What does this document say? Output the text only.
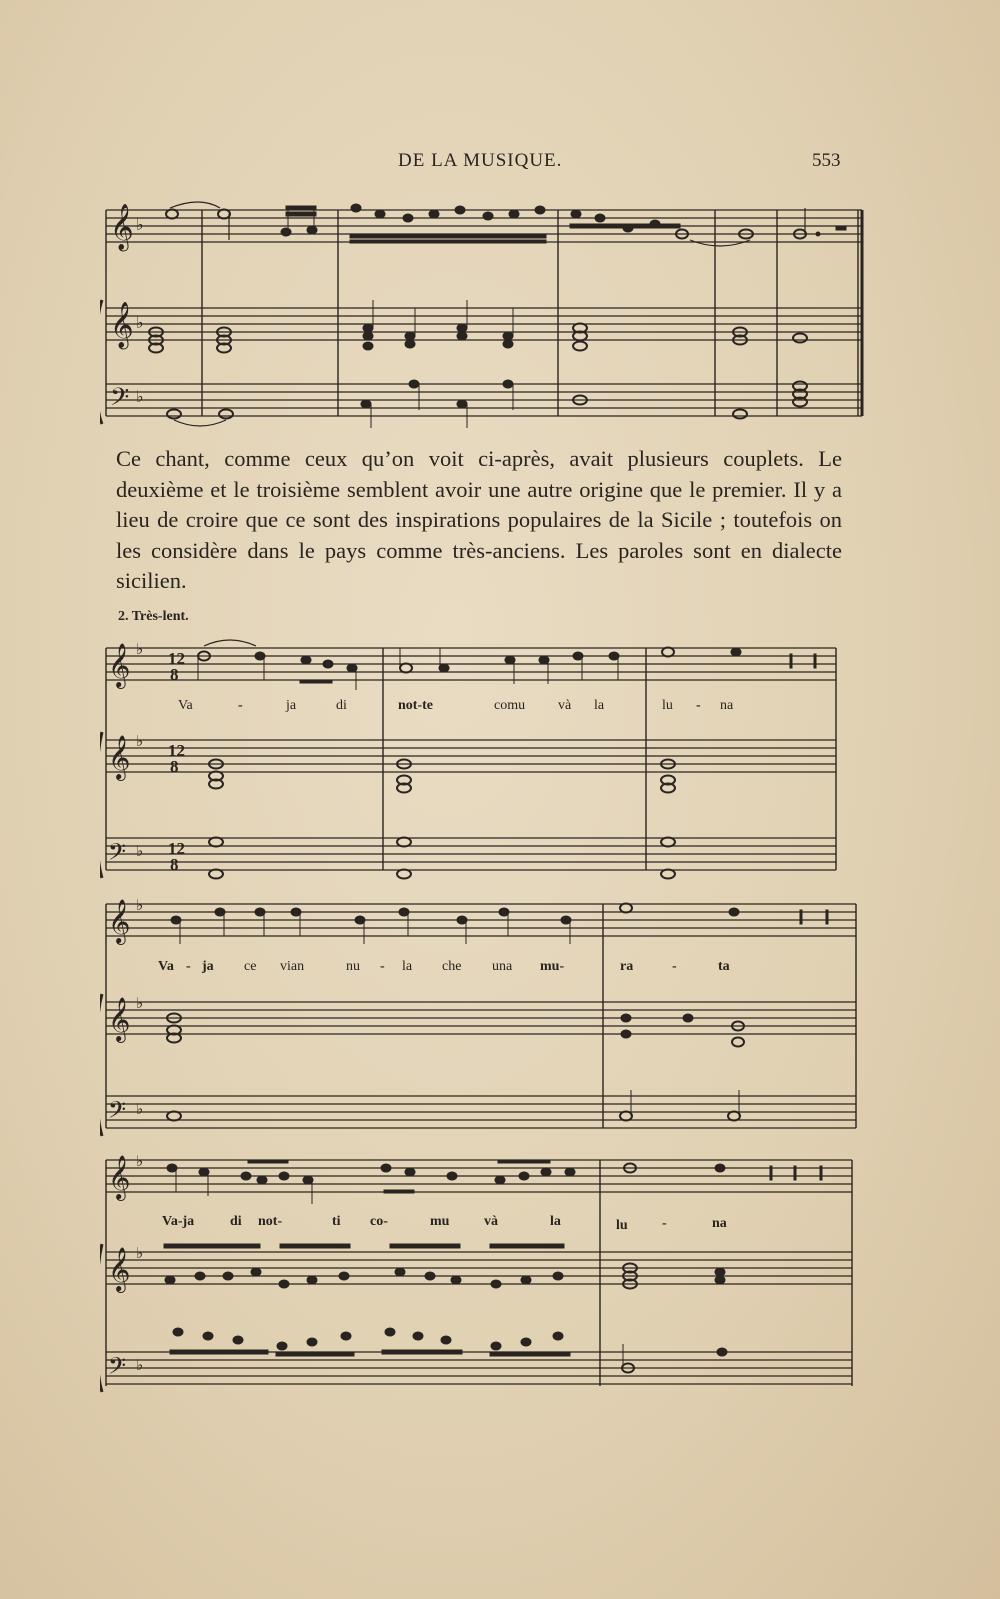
DE LA MUSIQUE.	553
𝄞
𝄞
𝄢
♭
♭
♭

Ce chant, comme ceux qu’on voit ci-après, avait plusieurs couplets. Le deuxième et le troisième semblent avoir une autre origine que le premier. Il y a lieu de croire que ce sont des inspirations populaires de la Sicile ; toutefois on les considère dans le pays comme très-anciens. Les paroles sont en dialecte sicilien.

2. Très-lent.
𝄞
𝄞
𝄢
♭
♭
♭
12
8
12
8
12
8
Va	-	ja	di	not-te	comu và la	lu - na
𝄞
𝄞
𝄢
♭
♭
♭
Va - ja ce vian	nu - la che una mu-	ra	-	ta
𝄞
𝄞
𝄢
♭
♭
♭
Va-ja	di not-	ti co-	mu và	la	lu -	na
